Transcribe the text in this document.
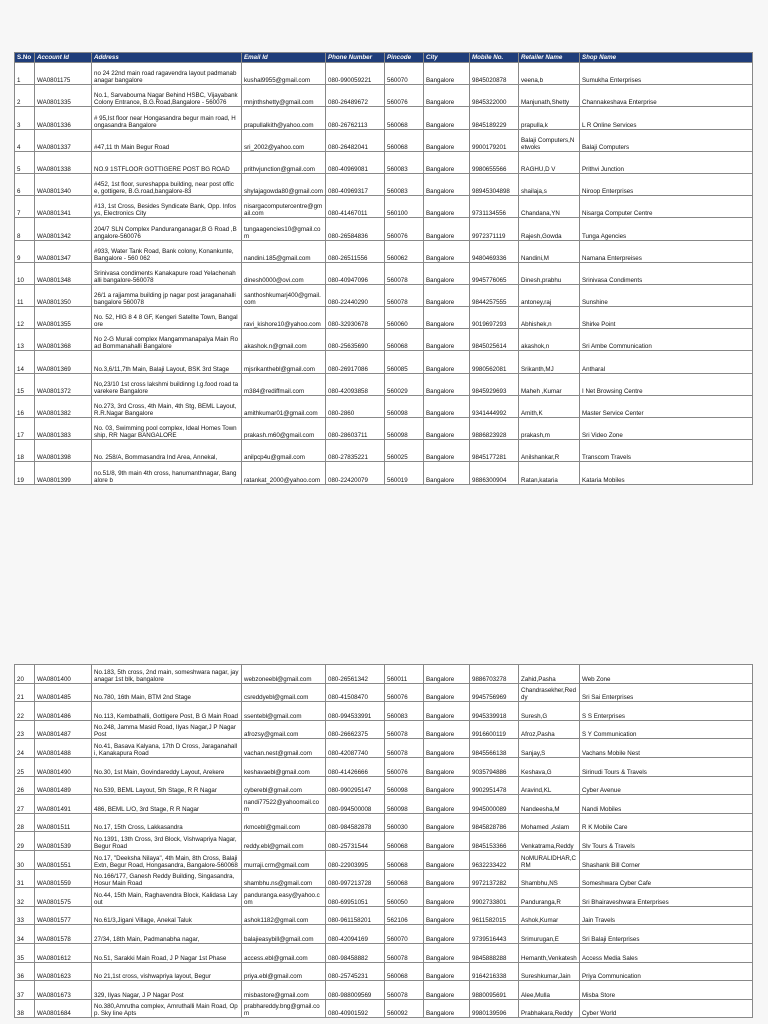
S.No	Account Id	Address	Email Id	Phone Number	Pincode	City	Mobile No.	Retailer Name	Shop Name
1	WA0801175	no 24 22nd main road ragavendra layout padmanabanagar bangalore	kushal9955@gmail.com	080-990059221	560070	Bangalore	9845020878	veena,b	Sumukha Enterprises
2	WA0801335	No.1, Sarvabouma Nagar Behind HSBC, Vijayabank Colony Entrance, B.G.Road,Bangalore - 560076	mnjnthshetty@gmail.com	080-26489672	560076	Bangalore	9845322000	Manjunath,Shetty	Channakeshava Enterprise
3	WA0801336	# 95,Ist floor near Hongasandra begur main road, Hongasandra Bangalore	prapullalkith@yahoo.com	080-26762113	560068	Bangalore	9845189229	prapulla,k	L R Online Services
4	WA0801337	#47,11 th Main Begur Road	sri_2002@yahoo.com	080-26482041	560068	Bangalore	9900179201	Balaji Computers,Netwoks	Balaji Computers
5	WA0801338	NO.9 1STFLOOR GOTTIGERE POST BG ROAD	prithvjunction@gmail.com	080-40969081	560083	Bangalore	9980655566	RAGHU,D V	Prithvi Junction
6	WA0801340	#452, 1st floor, sureshappa building, near post office, gottigere, B.G.road,bangalore-83	shylajagowda80@gmail.com	080-40969317	560083	Bangalore	98945304898	shailaja,s	Niroop Enterprises
7	WA0801341	#13, 1st Cross, Besides Syndicate Bank, Opp. Infosys, Electronics City	nisargacomputercentre@gmail.com	080-41467011	560100	Bangalore	9731134556	Chandana,YN	Nisarga Computer Centre
8	WA0801342	204/7 SLN Complex Panduranganagar,B G Road ,Bangalore-560076	tungaagencies10@gmail.com	080-26584836	560076	Bangalore	9972371119	Rajesh,Gowda	Tunga Agencies
9	WA0801347	#933, Water Tank Road, Bank colony, Konankunte, Bangalore - 560 062	nandini.185@gmail.com	080-26511556	560062	Bangalore	9480469336	Nandini,M	Namana Enterpreises
10	WA0801348	Srinivasa condiments Kanakapure road Yelachenahalli bangalore-560078	dinesh0000@ovi.com	080-40947096	560078	Bangalore	9945776065	Dinesh,prabhu	Srinivasa Condiments
11	WA0801350	26/1 a rajjamma building jp nagar post jaraganahalli bangalore 560078	santhoshkumarj400@gmail.com	080-22440290	560078	Bangalore	9844257555	antoney,raj	Sunshine
12	WA0801355	No. 52, HIG 8 4 8 GF, Kengeri Satellte Town, Bangalore	ravi_kishore10@yahoo.com	080-32930678	560060	Bangalore	9019697293	Abhishek,n	Shirke Point
13	WA0801368	No 2-G Murali complex Mangammanapalya Main Road Bommanahalli Bangalore	akashok.n@gmail.com	080-25635690	560068	Bangalore	9845025614	akashok,n	Sri Ambe Communication
14	WA0801369	No.3,6/11,7th Main, Balaji Layout, BSK 3rd Stage	mjsrikanthebl@gmail.com	080-26917086	560085	Bangalore	9980562081	Srikanth,MJ	Antharal
15	WA0801372	No,23/10 1st cross lakshmi buildinng I.g.food road tavarekere Bangalore	m384@rediffmail.com	080-42093858	560029	Bangalore	9845929693	Maheh ,Kumar	I Net Browsing Centre
16	WA0801382	No.273, 3rd Cross, 4th Main, 4th Stg, BEML Layout, R.R.Nagar Bangalore	amithkumar01@gmail.com	080-2860	560098	Bangalore	9341444992	Amith,K	Master Service Center
17	WA0801383	No. 03, Swimming pool complex, Ideal Homes Township, RR Nagar BANGALORE	prakash.m60@gmail.com	080-28603711	560098	Bangalore	9886823928	prakash,m	Sri Video Zone
18	WA0801398	No. 258/A, Bommasandra Ind Area, Annekal,	anilpcp4u@gmail.com	080-27835221	560025	Bangalore	9845177281	Anilshankar,R	Transcom Travels
19	WA0801399	no.51/8, 9th main 4th cross, hanumanthnagar, Bangalore b	ratankat_2000@yahoo.com	080-22420079	560019	Bangalore	9886300904	Ratan,kataria	Kataria Mobiles
20	WA0801400	No.183, 5th cross, 2nd main, someshwara nagar, jayanagar 1st blk, bangalore	webzoneebl@gmail.com	080-26561342	560011	Bangalore	9886703278	Zahid,Pasha	Web Zone
21	WA0801485	No.780, 16th Main, BTM 2nd Stage	csreddyebl@gmail.com	080-41508470	560076	Bangalore	9945756969	Chandrasekher,Reddy	Sri Sai Enterprises
22	WA0801486	No.113, Kembathalli, Gottigere Post, B G Main Road	ssentebl@gmail.com	080-994533991	560083	Bangalore	9945339918	Suresh,G	S S Enterprises
23	WA0801487	No.248, Jamma Masid Road, Ilyas Nagar,J P Nagar Post	afrozsy@gmail.com	080-26662375	560078	Bangalore	9916600119	Afroz,Pasha	S Y Communication
24	WA0801488	No.41, Basava Kalyana, 17th D Cross, Jaraganahalli, Kanakapura Road	vachan.nest@gmail.com	080-42087740	560078	Bangalore	9845566138	Sanjay,S	Vachans Mobile Nest
25	WA0801490	No.30, 1st Main, Govindareddy Layout, Arekere	keshavaebl@gmail.com	080-41426666	560076	Bangalore	9035794886	Keshava,G	Sirinudi Tours & Travels
26	WA0801489	No.539, BEML Layout, 5th Stage, R R Nagar	cyberebl@gmail.com	080-990295147	560098	Bangalore	9902951478	Aravind,KL	Cyber Avenue
27	WA0801491	486, BEML L/O, 3rd Stage, R R Nagar	nandi77522@yahoomail.com	080-994500008	560098	Bangalore	9945000089	Nandeesha,M	Nandi Mobiles
28	WA0801511	No.17, 15th Cross, Lakkasandra	rkmcebl@gmail.com	080-984582878	560030	Bangalore	9845828786	Mohamed ,Aslam	R K Mobile Care
29	WA0801539	No.1391, 13th Cross, 3rd Block, Vishwapriya Nagar, Begur Road	reddy.ebl@gmail.com	080-25731544	560068	Bangalore	9845153366	Venkatrama,Reddy	Slv Tours & Travels
30	WA0801551	No.17, "Deeksha Nilaya", 4th Main, 8th Cross, Balaji Extn, Begur Road, Hongasandra, Bangalore-560068	murraji.crm@gmail.com	080-22903995	560068	Bangalore	9632233422	NoMURALIDHAR,CRM	Shashank Bill Corner
31	WA0801559	No.166/177, Ganesh Reddy Building, Singasandra, Hosur Main Road	shambhu.ns@gmail.com	080-997213728	560068	Bangalore	9972137282	Shambhu,NS	Someshwara Cyber Cafe
32	WA0801575	No.44, 15th Main, Raghavendra Block, Kalidasa Layout	panduranga.easy@yahoo.com	080-69951051	560050	Bangalore	9902733801	Panduranga,R	Sri Bhairaveshwara Enterprises
33	WA0801577	No.61/3,Jigani Village, Anekal Taluk	ashok1182@gmail.com	080-961158201	562106	Bangalore	9611582015	Ashok,Kumar	Jain Travels
34	WA0801578	27/34, 18th Main, Padmanabha nagar,	balajieasybill@gmail.com	080-42094169	560070	Bangalore	9739516443	Srimurugan,E	Sri Balaji Enterprises
35	WA0801612	No.51, Sarakki Main Road, J P Nagar 1st Phase	access.ebl@gmail.com	080-98458882	560078	Bangalore	9845888288	Hemanth,Venkatesh	Access Media Sales
36	WA0801623	No 21,1st cross, vishwapriya layout, Begur	priya.ebl@gmail.com	080-25745231	560068	Bangalore	9164216338	Sureshkumar,Jain	Priya Communication
37	WA0801673	329, Ilyas Nagar, J P Nagar Post	misbastore@gmail.com	080-988009569	560078	Bangalore	9880095691	Alee,Mulla	Misba Store
38	WA0801684	No.380,Amrutha complex, Amruthalli Main Road, Opp. Sky line Apts	prabhareddy.bng@gmail.com	080-40901592	560092	Bangalore	9980139596	Prabhakara,Reddy	Cyber World
